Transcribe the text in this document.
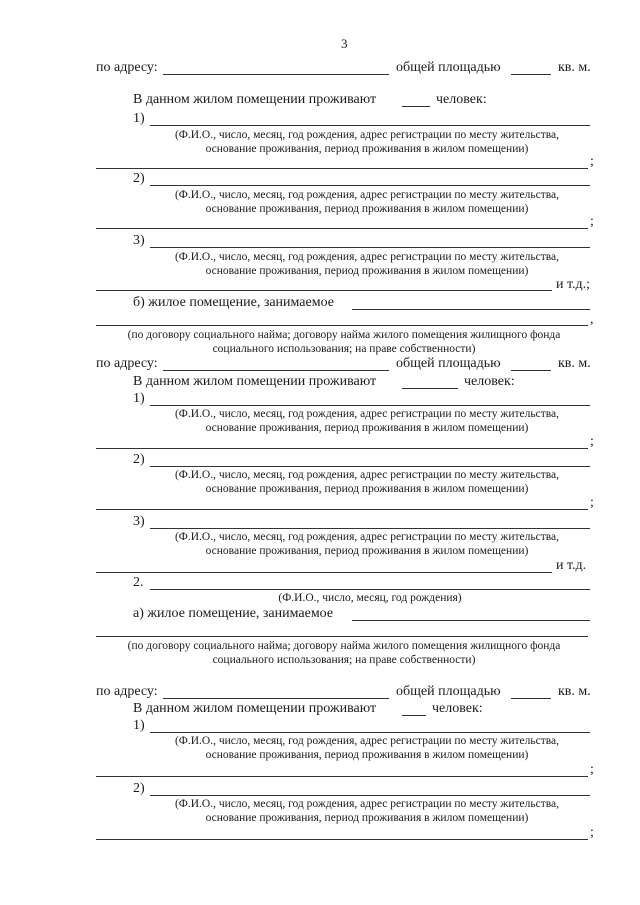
3
по адресу:	общей площадью	кв. м.
В данном жилом помещении проживают	человек:
1)
(Ф.И.О., число, месяц, год рождения, адрес регистрации по месту жительства,
основание проживания, период проживания в жилом помещении)
;
2)
(Ф.И.О., число, месяц, год рождения, адрес регистрации по месту жительства,
основание проживания, период проживания в жилом помещении)
;
3)
(Ф.И.О., число, месяц, год рождения, адрес регистрации по месту жительства,
основание проживания, период проживания в жилом помещении)
и т.д.;
б) жилое помещение, занимаемое
,
(по договору социального найма; договору найма жилого помещения жилищного фонда
социального использования; на праве собственности)
по адресу:	общей площадью	кв. м.
В данном жилом помещении проживают	человек:
1)
(Ф.И.О., число, месяц, год рождения, адрес регистрации по месту жительства,
основание проживания, период проживания в жилом помещении)
;
2)
(Ф.И.О., число, месяц, год рождения, адрес регистрации по месту жительства,
основание проживания, период проживания в жилом помещении)
;
3)
(Ф.И.О., число, месяц, год рождения, адрес регистрации по месту жительства,
основание проживания, период проживания в жилом помещении)
и т.д.
2.
(Ф.И.О., число, месяц, год рождения)
а) жилое помещение, занимаемое
(по договору социального найма; договору найма жилого помещения жилищного фонда
социального использования; на праве собственности)
по адресу:	общей площадью	кв. м.
В данном жилом помещении проживают	человек:
1)
(Ф.И.О., число, месяц, год рождения, адрес регистрации по месту жительства,
основание проживания, период проживания в жилом помещении)
;
2)
(Ф.И.О., число, месяц, год рождения, адрес регистрации по месту жительства,
основание проживания, период проживания в жилом помещении)
;
